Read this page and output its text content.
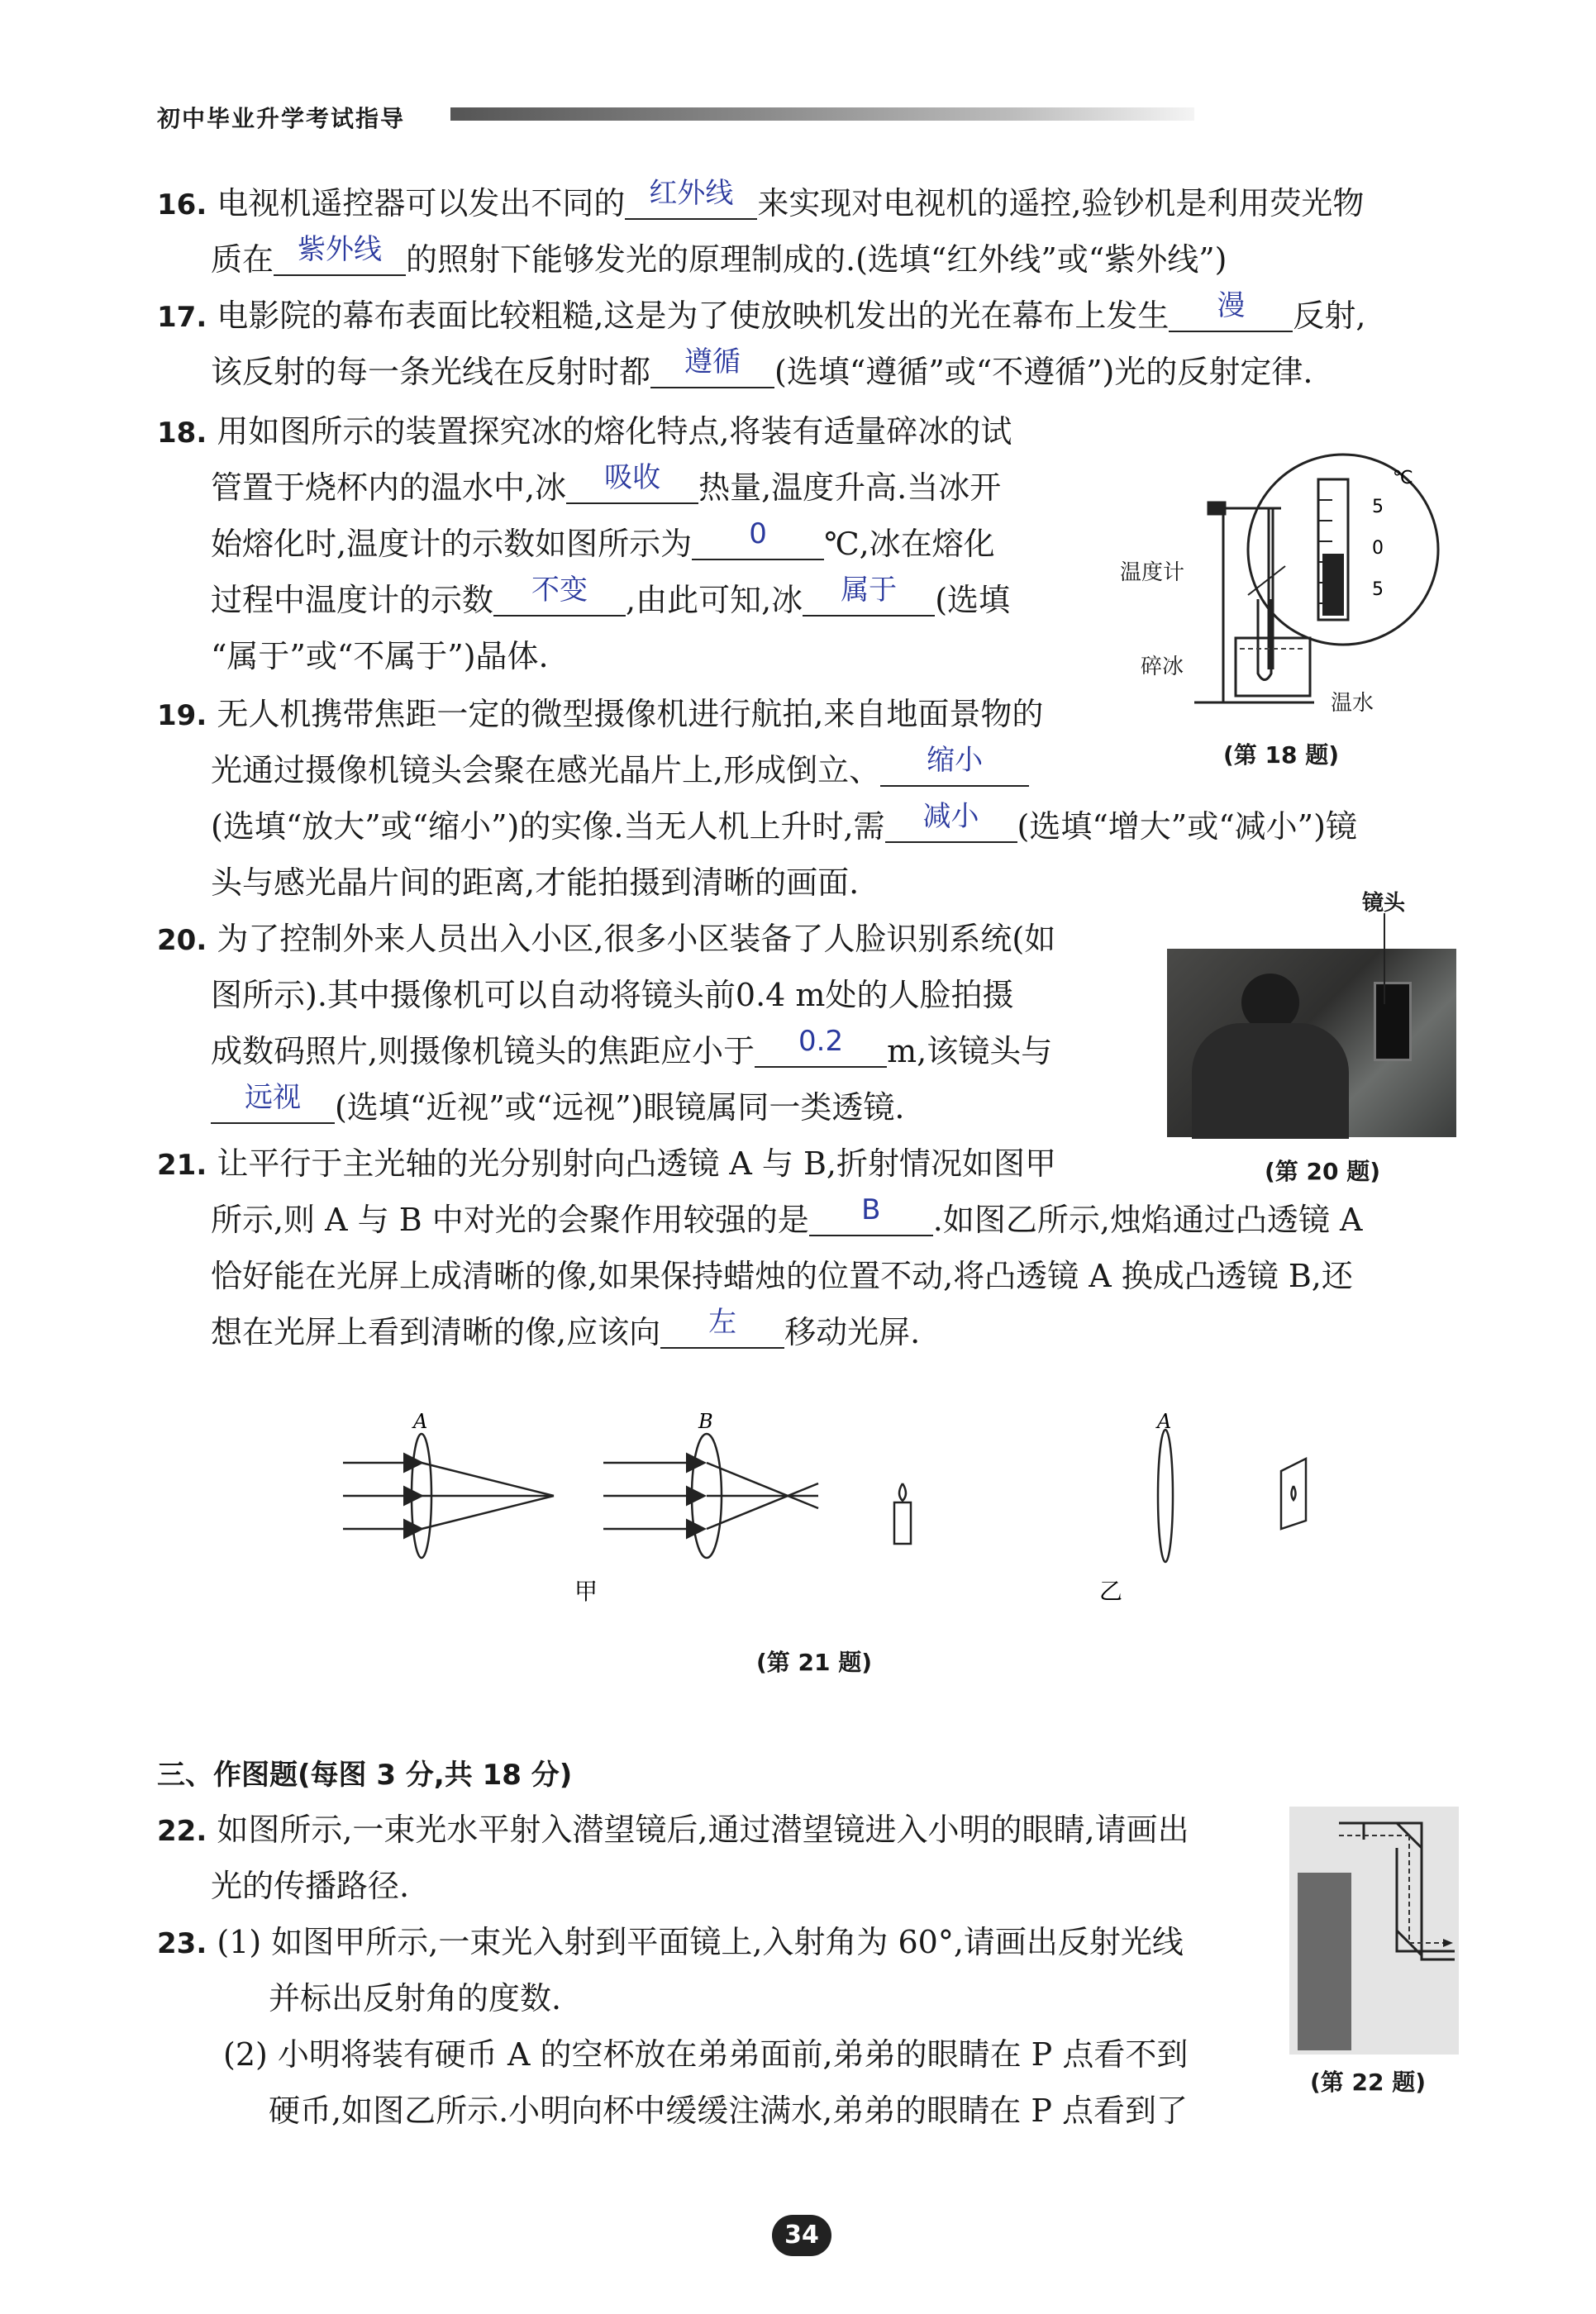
初中毕业升学考试指导
16. 电视机遥控器可以发出不同的 红外线 来实现对电视机的遥控,验钞机是利用荧光物
质在 紫外线 的照射下能够发光的原理制成的.(选填“红外线”或“紫外线”)
17. 电影院的幕布表面比较粗糙,这是为了使放映机发出的光在幕布上发生 漫 反射,
该反射的每一条光线在反射时都 遵循 (选填“遵循”或“不遵循”)光的反射定律.
18. 用如图所示的装置探究冰的熔化特点,将装有适量碎冰的试
管置于烧杯内的温水中,冰 吸收 热量,温度升高.当冰开
始熔化时,温度计的示数如图所示为 0 ℃,冰在熔化
过程中温度计的示数 不变 ,由此可知,冰 属于 (选填
“属于”或“不属于”)晶体.
℃
5
0
5
温度计
碎冰
温水
(第 18 题)
19. 无人机携带焦距一定的微型摄像机进行航拍,来自地面景物的
光通过摄像机镜头会聚在感光晶片上,形成倒立、 缩小
(选填“放大”或“缩小”)的实像.当无人机上升时,需 减小 (选填“增大”或“减小”)镜
头与感光晶片间的距离,才能拍摄到清晰的画面.
20. 为了控制外来人员出入小区,很多小区装备了人脸识别系统(如
图所示).其中摄像机可以自动将镜头前0.4 m处的人脸拍摄
成数码照片,则摄像机镜头的焦距应小于 0.2 m,该镜头与
远视 (选填“近视”或“远视”)眼镜属同一类透镜.
镜头
(第 20 题)
21. 让平行于主光轴的光分别射向凸透镜 A 与 B,折射情况如图甲
所示,则 A 与 B 中对光的会聚作用较强的是 B .如图乙所示,烛焰通过凸透镜 A
恰好能在光屏上成清晰的像,如果保持蜡烛的位置不动,将凸透镜 A 换成凸透镜 B,还
想在光屏上看到清晰的像,应该向 左 移动光屏.
A	B	A
甲	乙
(第 21 题)
三、作图题(每图 3 分,共 18 分)
22. 如图所示,一束光水平射入潜望镜后,通过潜望镜进入小明的眼睛,请画出
光的传播路径.
(第 22 题)
23. (1) 如图甲所示,一束光入射到平面镜上,入射角为 60°,请画出反射光线
并标出反射角的度数.
(2) 小明将装有硬币 A 的空杯放在弟弟面前,弟弟的眼睛在 P 点看不到
硬币,如图乙所示.小明向杯中缓缓注满水,弟弟的眼睛在 P 点看到了
34
